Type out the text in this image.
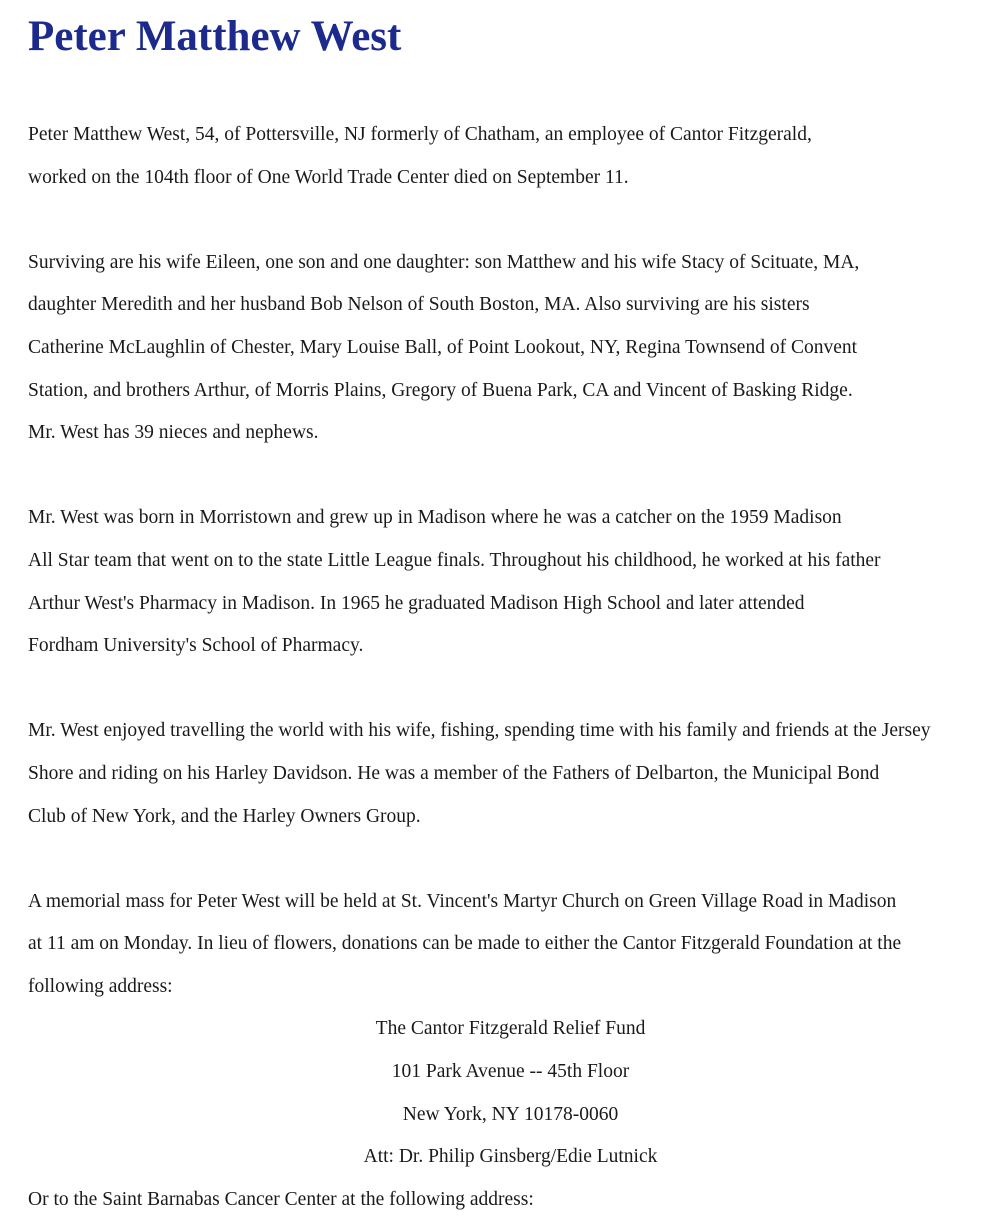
Peter Matthew West

Peter Matthew West, 54, of Pottersville, NJ formerly of Chatham, an employee of Cantor Fitzgerald,
worked on the 104th floor of One World Trade Center died on September 11.

Surviving are his wife Eileen, one son and one daughter: son Matthew and his wife Stacy of Scituate, MA,
daughter Meredith and her husband Bob Nelson of South Boston, MA. Also surviving are his sisters
Catherine McLaughlin of Chester, Mary Louise Ball, of Point Lookout, NY, Regina Townsend of Convent
Station, and brothers Arthur, of Morris Plains, Gregory of Buena Park, CA and Vincent of Basking Ridge.
Mr. West has 39 nieces and nephews.

Mr. West was born in Morristown and grew up in Madison where he was a catcher on the 1959 Madison
All Star team that went on to the state Little League finals. Throughout his childhood, he worked at his father
Arthur West's Pharmacy in Madison. In 1965 he graduated Madison High School and later attended
Fordham University's School of Pharmacy.

Mr. West enjoyed travelling the world with his wife, fishing, spending time with his family and friends at the Jersey
Shore and riding on his Harley Davidson. He was a member of the Fathers of Delbarton, the Municipal Bond
Club of New York, and the Harley Owners Group.

A memorial mass for Peter West will be held at St. Vincent's Martyr Church on Green Village Road in Madison
at 11 am on Monday. In lieu of flowers, donations can be made to either the Cantor Fitzgerald Foundation at the
following address:

The Cantor Fitzgerald Relief Fund
101 Park Avenue -- 45th Floor
New York, NY 10178-0060
Att: Dr. Philip Ginsberg/Edie Lutnick
Or to the Saint Barnabas Cancer Center at the following address:
